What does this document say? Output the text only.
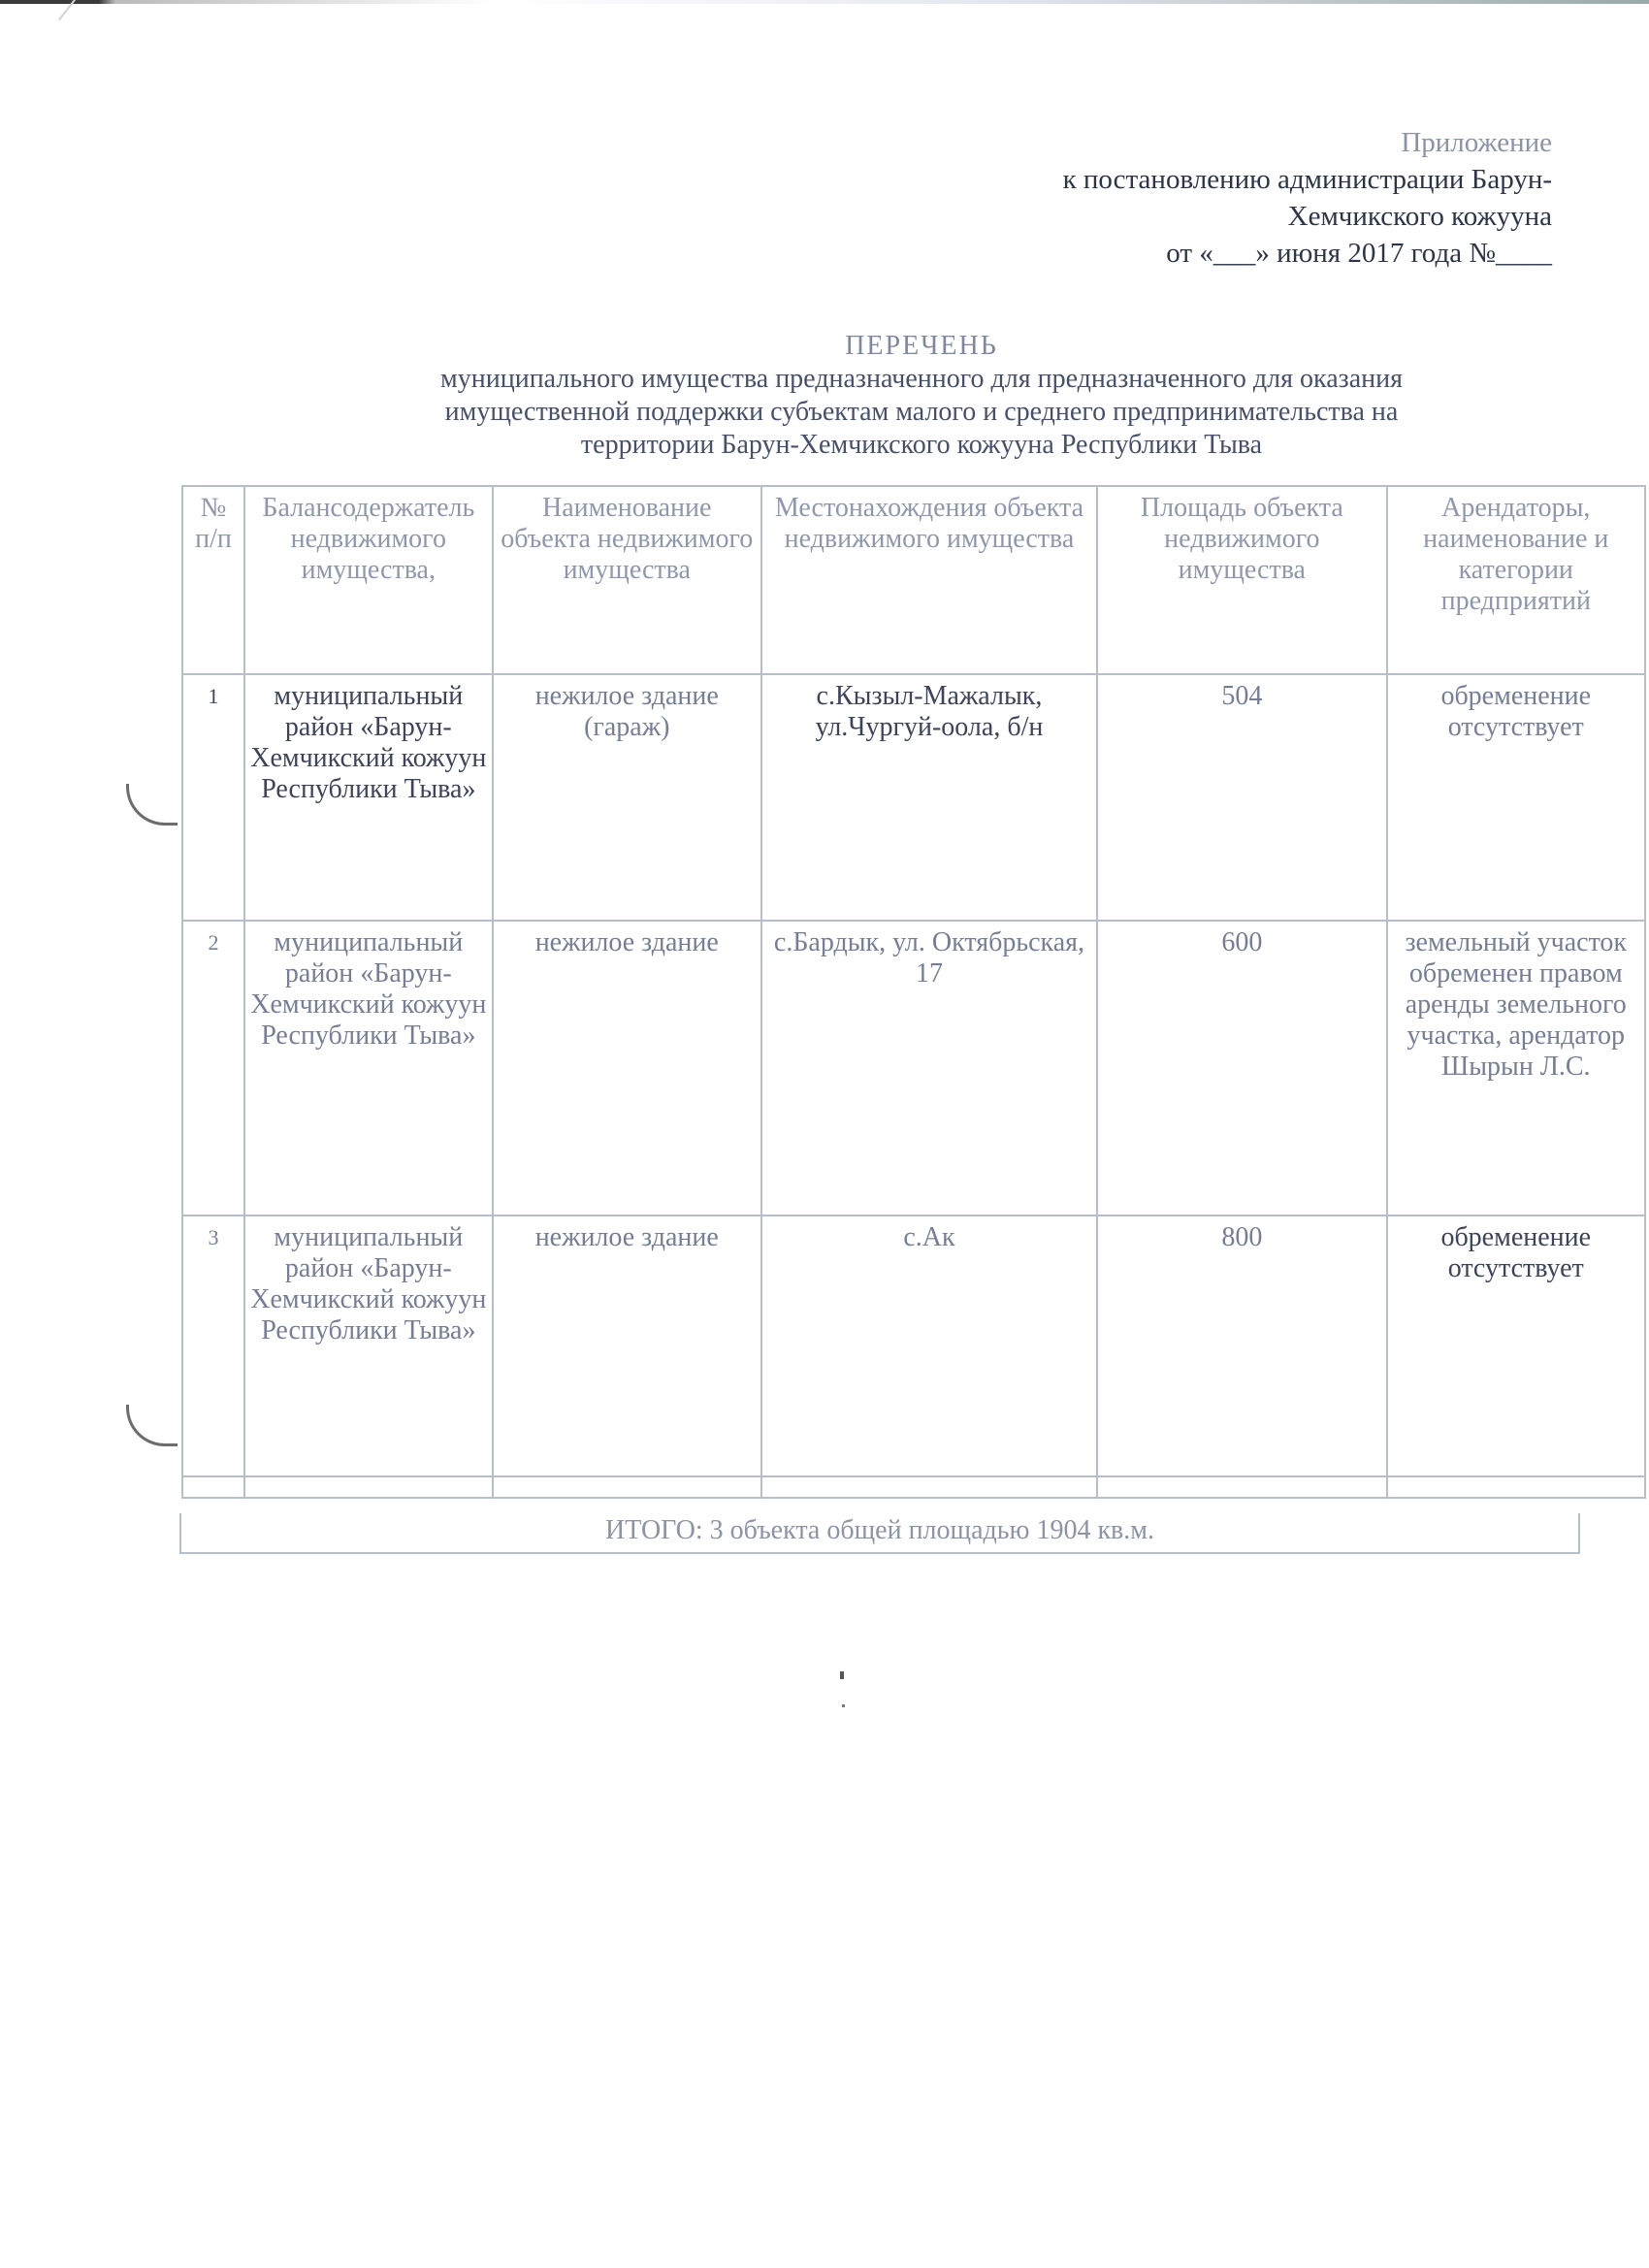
Приложение
к постановлению администрации Барун-
Хемчикского кожууна
от «___» июня 2017 года №____
ПЕРЕЧЕНЬ
муниципального имущества предназначенного для предназначенного для оказания
имущественной поддержки субъектам малого и среднего предпринимательства на
территории Барун-Хемчикского кожууна Республики Тыва
№ п/п	Балансодержатель недвижимого имущества,	Наименование объекта недвижимого имущества	Местонахождения объекта недвижимого имущества	Площадь объекта недвижимого имущества	Арендаторы, наименование и категории предприятий
1	муниципальный район «Барун-Хемчикский кожуун Республики Тыва»	нежилое здание (гараж)	с.Кызыл-Мажалык, ул.Чургуй-оола, б/н	504	обременение отсутствует
2	муниципальный район «Барун-Хемчикский кожуун Республики Тыва»	нежилое здание	с.Бардык, ул. Октябрьская, 17	600	земельный участок обременен правом аренды земельного участка, арендатор Шырын Л.С.
3	муниципальный район «Барун-Хемчикский кожуун Республики Тыва»	нежилое здание	с.Ак	800	обременение отсутствует

ИТОГО: 3 объекта общей площадью 1904 кв.м.
